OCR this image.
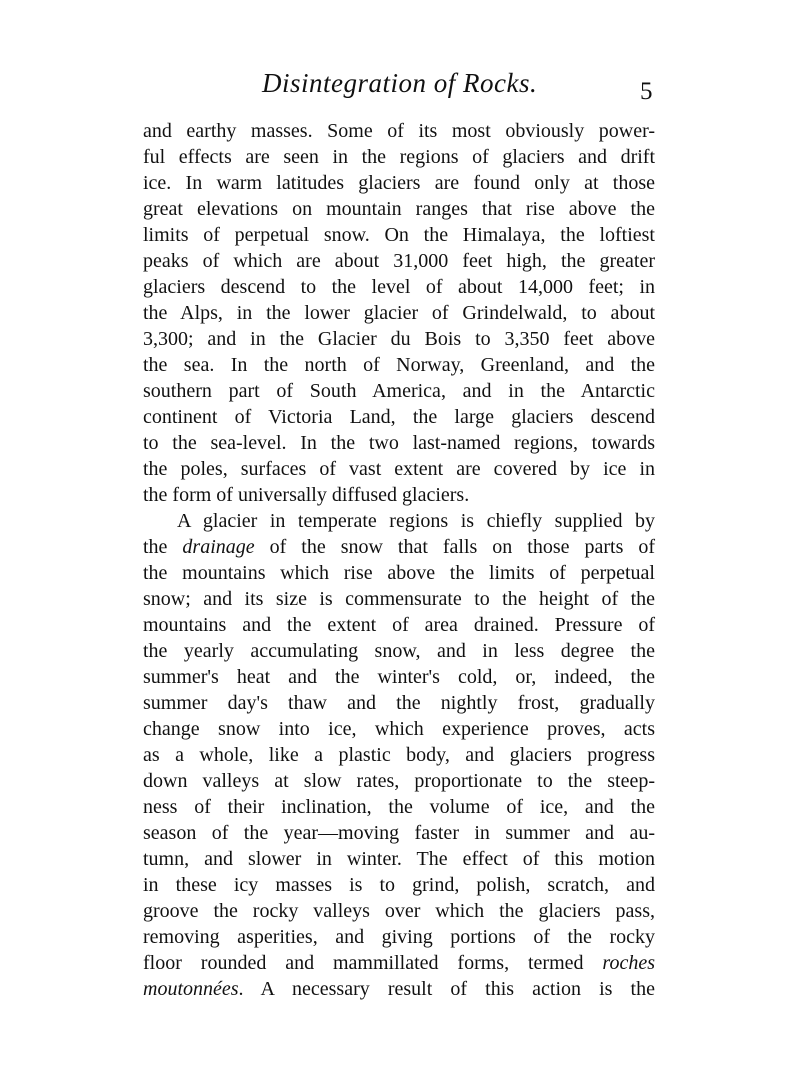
Disintegration of Rocks.	5
and earthy masses. Some of its most obviously power-
ful effects are seen in the regions of glaciers and drift
ice. In warm latitudes glaciers are found only at those
great elevations on mountain ranges that rise above the
limits of perpetual snow. On the Himalaya, the loftiest
peaks of which are about 31,000 feet high, the greater
glaciers descend to the level of about 14,000 feet; in
the Alps, in the lower glacier of Grindelwald, to about
3,300; and in the Glacier du Bois to 3,350 feet above
the sea. In the north of Norway, Greenland, and the
southern part of South America, and in the Antarctic
continent of Victoria Land, the large glaciers descend
to the sea-level. In the two last-named regions, towards
the poles, surfaces of vast extent are covered by ice in
the form of universally diffused glaciers.
A glacier in temperate regions is chiefly supplied by
the drainage of the snow that falls on those parts of
the mountains which rise above the limits of perpetual
snow; and its size is commensurate to the height of the
mountains and the extent of area drained. Pressure of
the yearly accumulating snow, and in less degree the
summer's heat and the winter's cold, or, indeed, the
summer day's thaw and the nightly frost, gradually
change snow into ice, which experience proves, acts
as a whole, like a plastic body, and glaciers progress
down valleys at slow rates, proportionate to the steep-
ness of their inclination, the volume of ice, and the
season of the year—moving faster in summer and au-
tumn, and slower in winter. The effect of this motion
in these icy masses is to grind, polish, scratch, and
groove the rocky valleys over which the glaciers pass,
removing asperities, and giving portions of the rocky
floor rounded and mammillated forms, termed roches
moutonnées. A necessary result of this action is the
